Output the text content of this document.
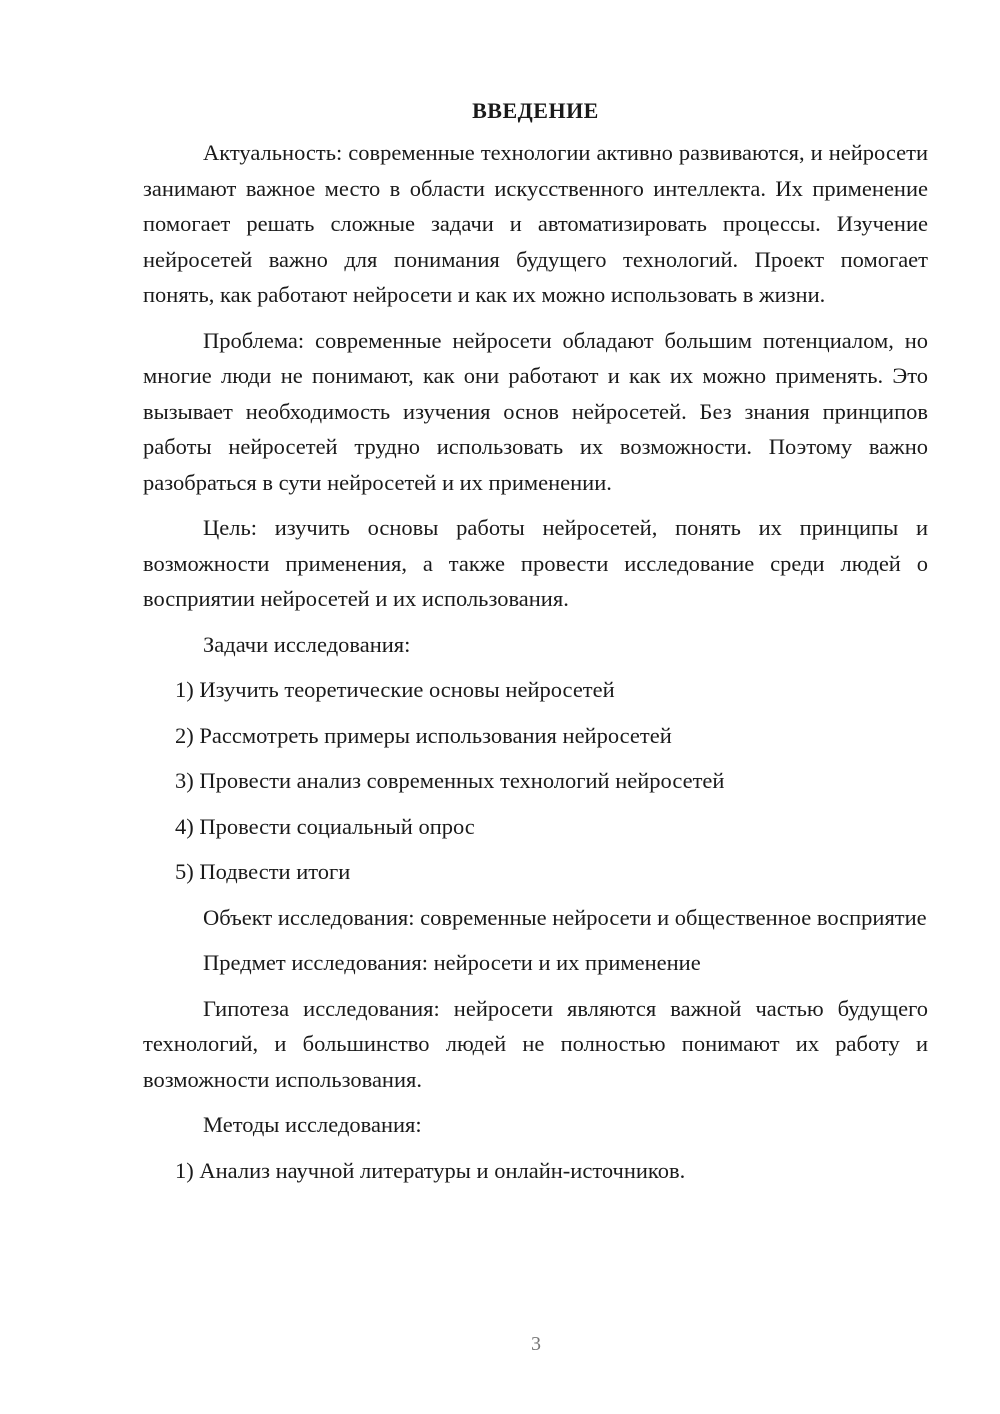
ВВЕДЕНИЕ

Актуальность: современные технологии активно развиваются, и нейросети занимают важное место в области искусственного интеллекта. Их применение помогает решать сложные задачи и автоматизировать процессы. Изучение нейросетей важно для понимания будущего технологий. Проект помогает понять, как работают нейросети и как их можно использовать в жизни.

Проблема: современные нейросети обладают большим потенциалом, но многие люди не понимают, как они работают и как их можно применять. Это вызывает необходимость изучения основ нейросетей. Без знания принципов работы нейросетей трудно использовать их возможности. Поэтому важно разобраться в сути нейросетей и их применении.

Цель: изучить основы работы нейросетей, понять их принципы и возможности применения, а также провести исследование среди людей о восприятии нейросетей и их использования.

Задачи исследования:
1) Изучить теоретические основы нейросетей
2) Рассмотреть примеры использования нейросетей
3) Провести анализ современных технологий нейросетей
4) Провести социальный опрос
5) Подвести итоги

Объект исследования: современные нейросети и общественное восприятие

Предмет исследования: нейросети и их применение

Гипотеза исследования: нейросети являются важной частью будущего технологий, и большинство людей не полностью понимают их работу и возможности использования.

Методы исследования:
1) Анализ научной литературы и онлайн-источников.
3
